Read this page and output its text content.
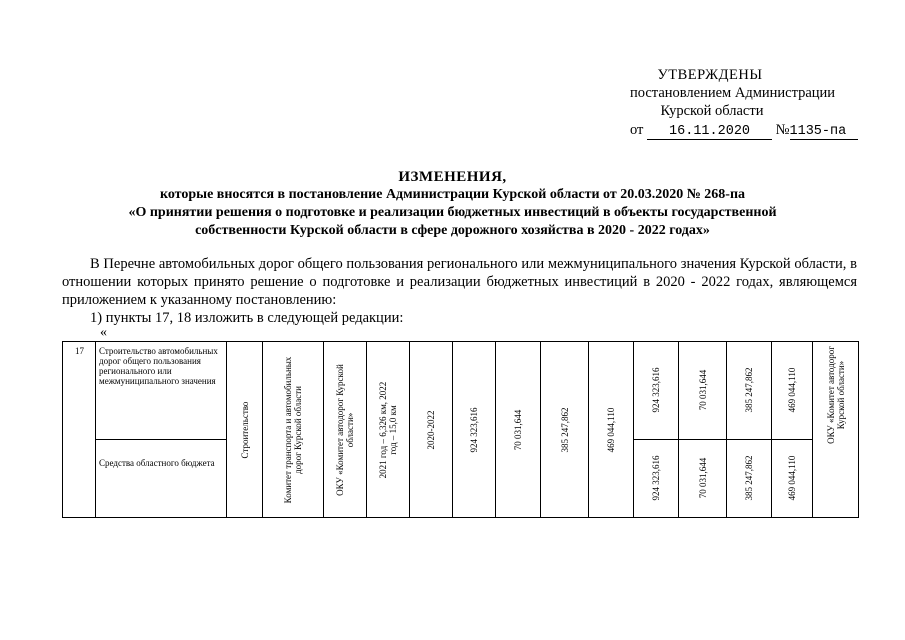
УТВЕРЖДЕНЫ
постановлением Администрации
Курской области
от 16.11.2020 №1135-па
ИЗМЕНЕНИЯ,
которые вносятся в постановление Администрации Курской области от 20.03.2020 № 268-па
«О принятии решения о подготовке и реализации бюджетных инвестиций в объекты государственной
собственности Курской области в сфере дорожного хозяйства в 2020 - 2022 годах»
В Перечне автомобильных дорог общего пользования регионального или межмуниципального значения Курской области, в отношении которых принято решение о подготовке и реализации бюджетных инвестиций в 2020 - 2022 годах, являющемся приложением к указанному постановлению:
1) пункты 17, 18 изложить в следующей редакции:
«
17	Строительство автомобильных дорог общего пользования регионального или межмуниципального значения	Строительство	Комитет транспорта и автомобильных дорог Курской области	ОКУ «Комитет автодорог Курской области»	2021 год – 6,326 км, 2022 год – 15,0 км	2020-2022	924 323,616	70 031,644	385 247,862	469 044,110	924 323,616	70 031,644	385 247,862	469 044,110	ОКУ «Комитет автодорог Курской области»

	Средства областного бюджета										924 323,616	70 031,644	385 247,862	469 044,110	
